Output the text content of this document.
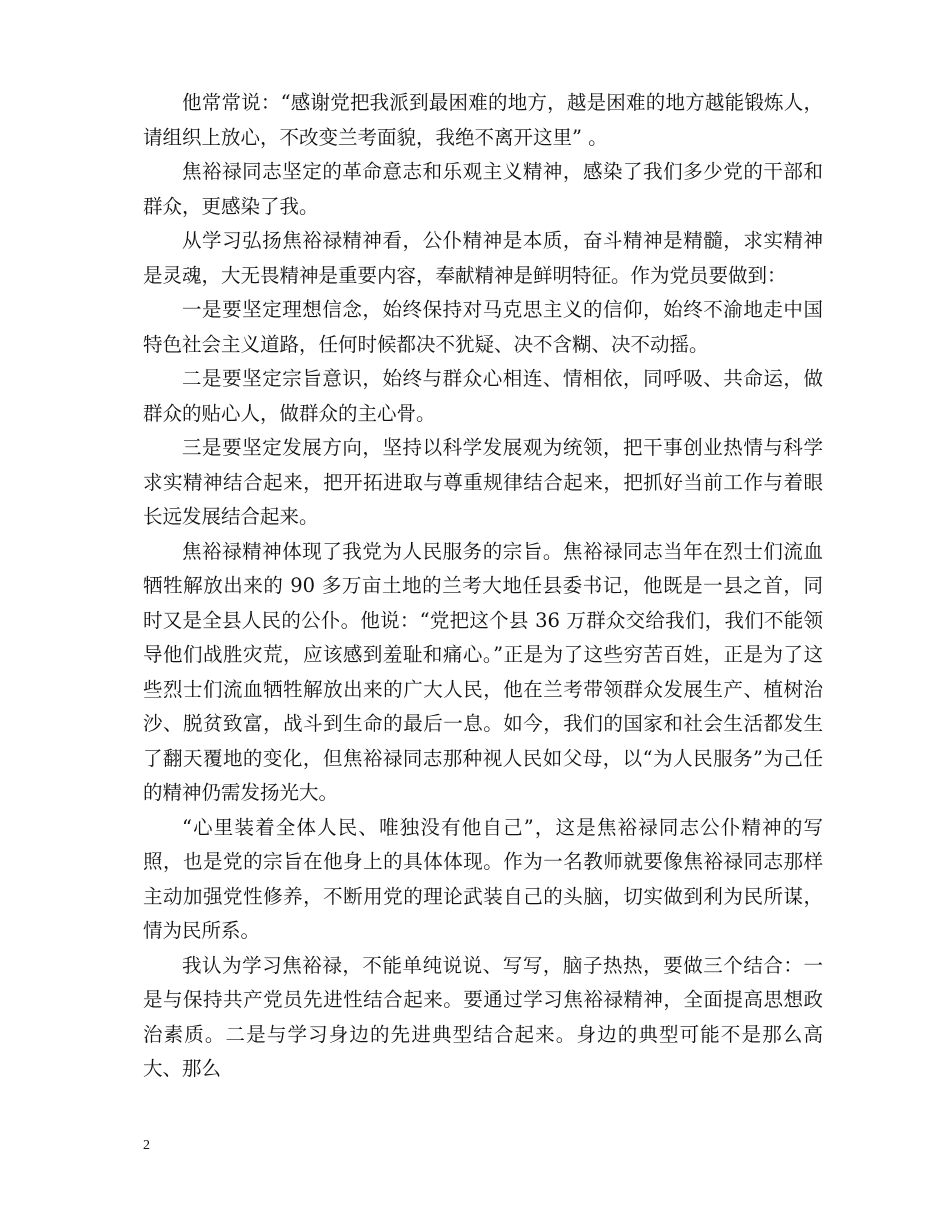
他常常说：“感谢党把我派到最困难的地方，越是困难的地方越能锻炼人，请组织上放心，不改变兰考面貌，我绝不离开这里” 。

焦裕禄同志坚定的革命意志和乐观主义精神，感染了我们多少党的干部和群众，更感染了我。

从学习弘扬焦裕禄精神看，公仆精神是本质，奋斗精神是精髓，求实精神是灵魂，大无畏精神是重要内容，奉献精神是鲜明特征。作为党员要做到：

一是要坚定理想信念，始终保持对马克思主义的信仰，始终不渝地走中国特色社会主义道路，任何时候都决不犹疑、决不含糊、决不动摇。

二是要坚定宗旨意识，始终与群众心相连、情相依，同呼吸、共命运，做群众的贴心人，做群众的主心骨。

三是要坚定发展方向，坚持以科学发展观为统领，把干事创业热情与科学求实精神结合起来，把开拓进取与尊重规律结合起来，把抓好当前工作与着眼长远发展结合起来。

焦裕禄精神体现了我党为人民服务的宗旨。焦裕禄同志当年在烈士们流血牺牲解放出来的 90 多万亩土地的兰考大地任县委书记，他既是一县之首，同时又是全县人民的公仆。他说：“党把这个县 36 万群众交给我们，我们不能领导他们战胜灾荒，应该感到羞耻和痛心。”正是为了这些穷苦百姓，正是为了这些烈士们流血牺牲解放出来的广大人民，他在兰考带领群众发展生产、植树治沙、脱贫致富，战斗到生命的最后一息。如今，我们的国家和社会生活都发生了翻天覆地的变化，但焦裕禄同志那种视人民如父母，以“为人民服务”为己任的精神仍需发扬光大。

“心里装着全体人民、唯独没有他自己”，这是焦裕禄同志公仆精神的写照，也是党的宗旨在他身上的具体体现。作为一名教师就要像焦裕禄同志那样主动加强党性修养，不断用党的理论武装自己的头脑，切实做到利为民所谋，情为民所系。

我认为学习焦裕禄，不能单纯说说、写写，脑子热热，要做三个结合：一是与保持共产党员先进性结合起来。要通过学习焦裕禄精神，全面提高思想政治素质。二是与学习身边的先进典型结合起来。身边的典型可能不是那么高大、那么

2
